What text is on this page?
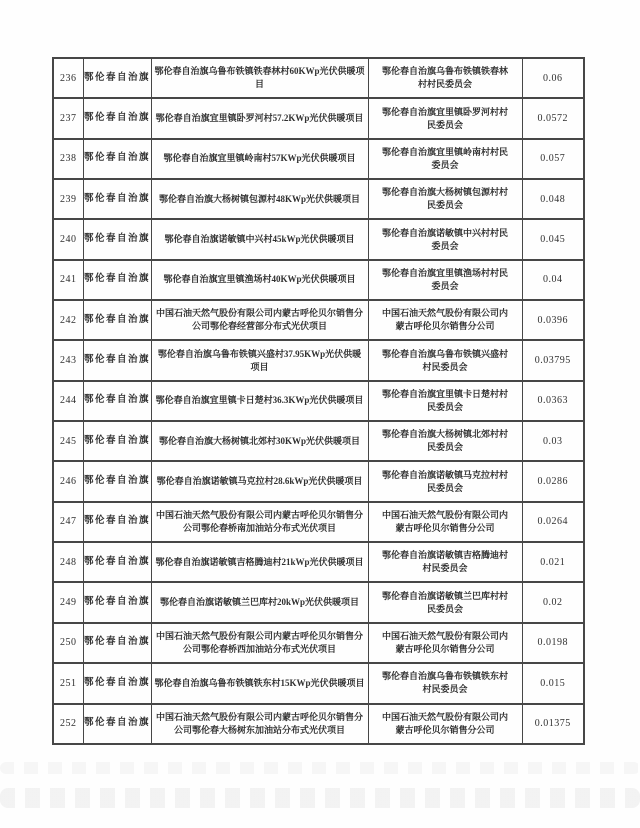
236	鄂伦春自治旗	鄂伦春自治旗乌鲁布铁镇铁春林村60KWp光伏供暖项目	鄂伦春自治旗乌鲁布铁镇铁春林村村民委员会	0.06
237	鄂伦春自治旗	鄂伦春自治旗宜里镇卧罗河村57.2KWp光伏供暖项目	鄂伦春自治旗宜里镇卧罗河村村民委员会	0.0572
238	鄂伦春自治旗	鄂伦春自治旗宜里镇岭南村57KWp光伏供暖项目	鄂伦春自治旗宜里镇岭南村村民委员会	0.057
239	鄂伦春自治旗	鄂伦春自治旗大杨树镇包源村48KWp光伏供暖项目	鄂伦春自治旗大杨树镇包源村村民委员会	0.048
240	鄂伦春自治旗	鄂伦春自治旗诺敏镇中兴村45kWp光伏供暖项目	鄂伦春自治旗诺敏镇中兴村村民委员会	0.045
241	鄂伦春自治旗	鄂伦春自治旗宜里镇渔场村40KWp光伏供暖项目	鄂伦春自治旗宜里镇渔场村村民委员会	0.04
242	鄂伦春自治旗	中国石油天然气股份有限公司内蒙古呼伦贝尔销售分公司鄂伦春经营部分布式光伏项目	中国石油天然气股份有限公司内蒙古呼伦贝尔销售分公司	0.0396
243	鄂伦春自治旗	鄂伦春自治旗乌鲁布铁镇兴盛村37.95KWp光伏供暖项目	鄂伦春自治旗乌鲁布铁镇兴盛村村民委员会	0.03795
244	鄂伦春自治旗	鄂伦春自治旗宜里镇卡日楚村36.3KWp光伏供暖项目	鄂伦春自治旗宜里镇卡日楚村村民委员会	0.0363
245	鄂伦春自治旗	鄂伦春自治旗大杨树镇北郊村30KWp光伏供暖项目	鄂伦春自治旗大杨树镇北郊村村民委员会	0.03
246	鄂伦春自治旗	鄂伦春自治旗诺敏镇马克拉村28.6kWp光伏供暖项目	鄂伦春自治旗诺敏镇马克拉村村民委员会	0.0286
247	鄂伦春自治旗	中国石油天然气股份有限公司内蒙古呼伦贝尔销售分公司鄂伦春桥南加油站分布式光伏项目	中国石油天然气股份有限公司内蒙古呼伦贝尔销售分公司	0.0264
248	鄂伦春自治旗	鄂伦春自治旗诺敏镇吉格腾迪村21kWp光伏供暖项目	鄂伦春自治旗诺敏镇吉格腾迪村村民委员会	0.021
249	鄂伦春自治旗	鄂伦春自治旗诺敏镇兰巴库村20kWp光伏供暖项目	鄂伦春自治旗诺敏镇兰巴库村村民委员会	0.02
250	鄂伦春自治旗	中国石油天然气股份有限公司内蒙古呼伦贝尔销售分公司鄂伦春桥西加油站分布式光伏项目	中国石油天然气股份有限公司内蒙古呼伦贝尔销售分公司	0.0198
251	鄂伦春自治旗	鄂伦春自治旗乌鲁布铁镇铁东村15KWp光伏供暖项目	鄂伦春自治旗乌鲁布铁镇铁东村村民委员会	0.015
252	鄂伦春自治旗	中国石油天然气股份有限公司内蒙古呼伦贝尔销售分公司鄂伦春大杨树东加油站分布式光伏项目	中国石油天然气股份有限公司内蒙古呼伦贝尔销售分公司	0.01375
